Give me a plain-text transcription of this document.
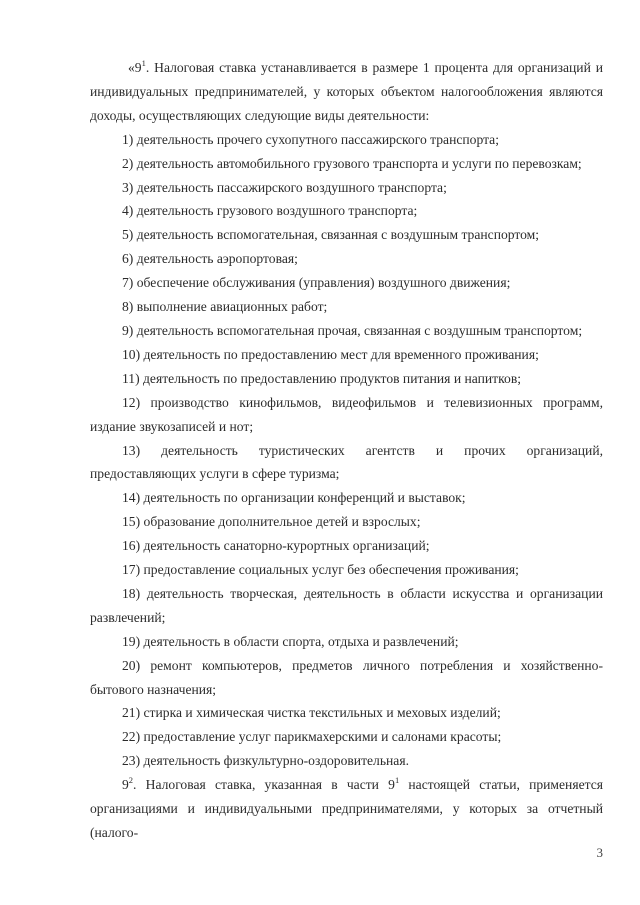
«$9^1$. Налоговая ставка устанавливается в размере 1 процента для организаций и индивидуальных предпринимателей, у которых объектом налогообложения являются доходы, осуществляющих следующие виды деятельности:

1) деятельность прочего сухопутного пассажирского транспорта;

2) деятельность автомобильного грузового транспорта и услуги по перевозкам;

3) деятельность пассажирского воздушного транспорта;

4) деятельность грузового воздушного транспорта;

5) деятельность вспомогательная, связанная с воздушным транспортом;

6) деятельность аэропортовая;

7) обеспечение обслуживания (управления) воздушного движения;

8) выполнение авиационных работ;

9) деятельность вспомогательная прочая, связанная с воздушным транспортом;

10) деятельность по предоставлению мест для временного проживания;

11) деятельность по предоставлению продуктов питания и напитков;

12) производство кинофильмов, видеофильмов и телевизионных программ, издание звукозаписей и нот;

13) деятельность туристических агентств и прочих организаций, предоставляющих услуги в сфере туризма;

14) деятельность по организации конференций и выставок;

15) образование дополнительное детей и взрослых;

16) деятельность санаторно-курортных организаций;

17) предоставление социальных услуг без обеспечения проживания;

18) деятельность творческая, деятельность в области искусства и организации развлечений;

19) деятельность в области спорта, отдыха и развлечений;

20) ремонт компьютеров, предметов личного потребления и хозяйственно-бытового назначения;

21) стирка и химическая чистка текстильных и меховых изделий;

22) предоставление услуг парикмахерскими и салонами красоты;

23) деятельность физкультурно-оздоровительная.

$9^2$. Налоговая ставка, указанная в части $9^1$ настоящей статьи, применяется организациями и индивидуальными предпринимателями, у которых за отчетный (налого-

3
